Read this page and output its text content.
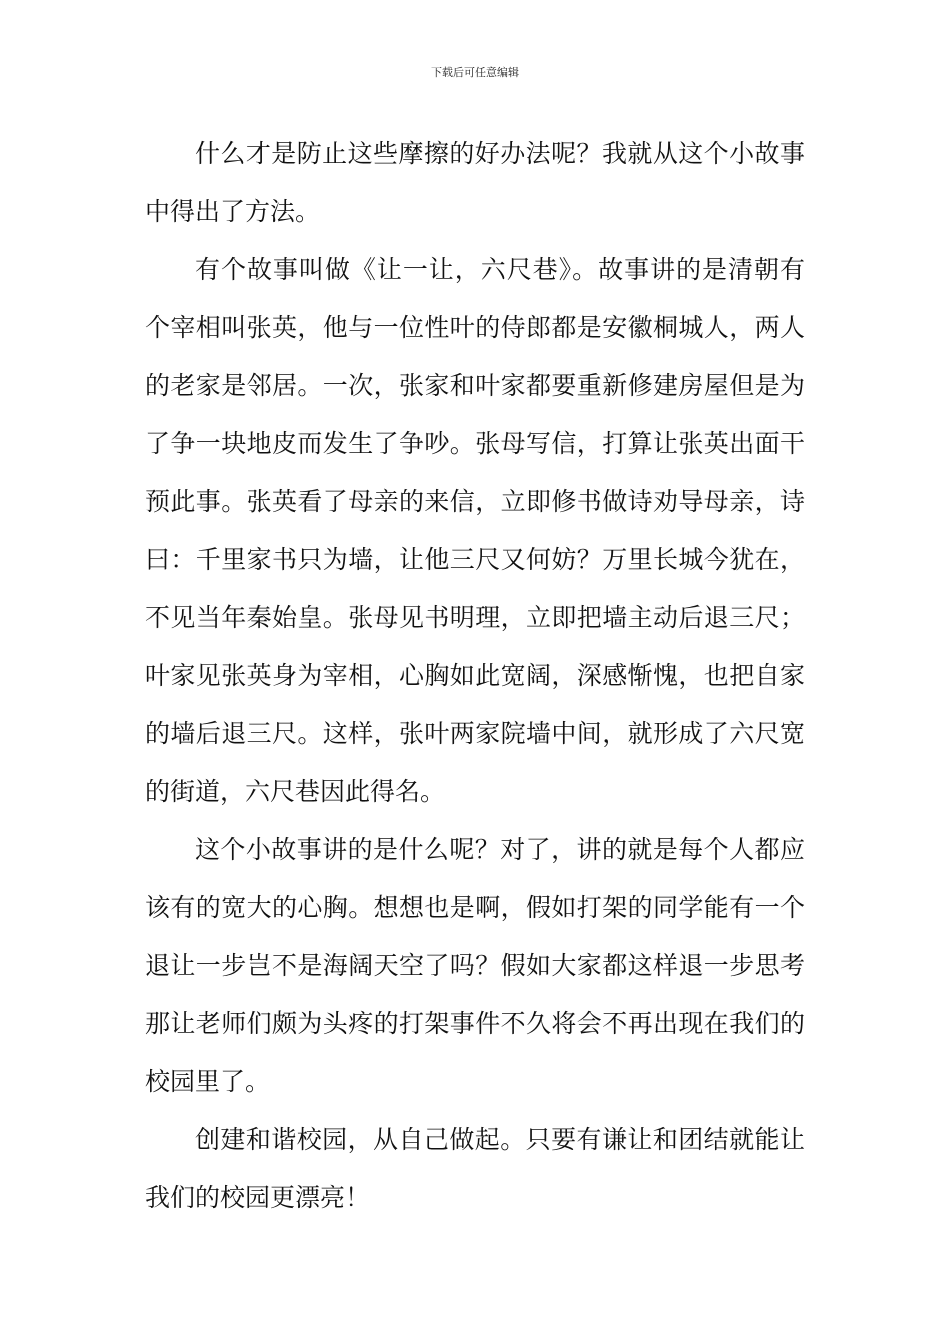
下载后可任意编辑

什么才是防止这些摩擦的好办法呢？我就从这个小故事中得出了方法。

有个故事叫做《让一让，六尺巷》。故事讲的是清朝有个宰相叫张英，他与一位性叶的侍郎都是安徽桐城人，两人的老家是邻居。一次，张家和叶家都要重新修建房屋但是为了争一块地皮而发生了争吵。张母写信，打算让张英出面干预此事。张英看了母亲的来信，立即修书做诗劝导母亲，诗曰：千里家书只为墙，让他三尺又何妨？万里长城今犹在，不见当年秦始皇。张母见书明理，立即把墙主动后退三尺；叶家见张英身为宰相，心胸如此宽阔，深感惭愧，也把自家的墙后退三尺。这样，张叶两家院墙中间，就形成了六尺宽的街道，六尺巷因此得名。

这个小故事讲的是什么呢？对了，讲的就是每个人都应该有的宽大的心胸。想想也是啊，假如打架的同学能有一个退让一步岂不是海阔天空了吗？假如大家都这样退一步思考那让老师们颇为头疼的打架事件不久将会不再出现在我们的校园里了。

创建和谐校园，从自己做起。只要有谦让和团结就能让我们的校园更漂亮！
